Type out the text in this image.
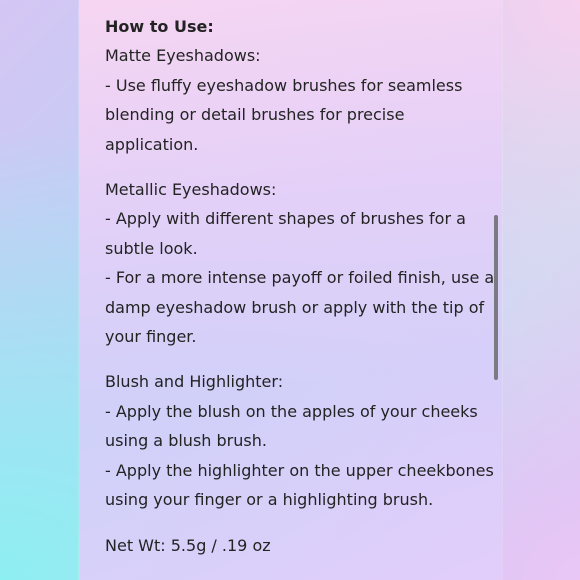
How to Use:
Matte Eyeshadows:
- Use fluffy eyeshadow brushes for seamless
blending or detail brushes for precise
application.
Metallic Eyeshadows:
- Apply with different shapes of brushes for a
subtle look.
- For a more intense payoff or foiled finish, use a
damp eyeshadow brush or apply with the tip of
your finger.
Blush and Highlighter:
- Apply the blush on the apples of your cheeks
using a blush brush.
- Apply the highlighter on the upper cheekbones
using your finger or a highlighting brush.
Net Wt: 5.5g / .19 oz
